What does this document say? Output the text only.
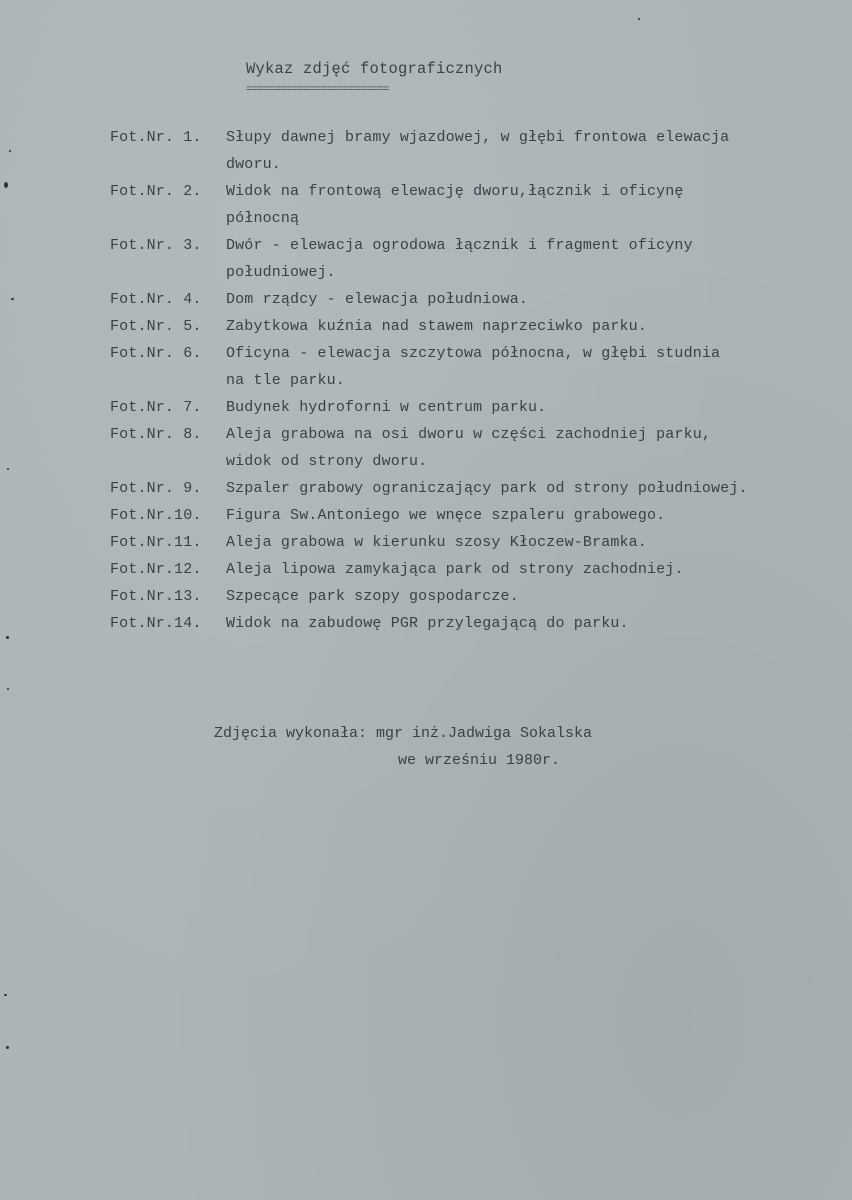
Wykaz zdjęć fotograficznych
=========================
Fot.Nr. 1.	Słupy dawnej bramy wjazdowej, w głębi frontowa elewacja
dworu.
Fot.Nr. 2.	Widok na frontową elewację dworu,łącznik i oficynę
północną
Fot.Nr. 3.	Dwór - elewacja ogrodowa łącznik i fragment oficyny
południowej.
Fot.Nr. 4.	Dom rządcy - elewacja południowa.
Fot.Nr. 5.	Zabytkowa kuźnia nad stawem naprzeciwko parku.
Fot.Nr. 6.	Oficyna - elewacja szczytowa północna, w głębi studnia
na tle parku.
Fot.Nr. 7.	Budynek hydroforni w centrum parku.
Fot.Nr. 8.	Aleja grabowa na osi dworu w części zachodniej parku,
widok od strony dworu.
Fot.Nr. 9.	Szpaler grabowy ograniczający park od strony południowej.
Fot.Nr.10.	Figura Sw.Antoniego we wnęce szpaleru grabowego.
Fot.Nr.11.	Aleja grabowa w kierunku szosy Kłoczew-Bramka.
Fot.Nr.12.	Aleja lipowa zamykająca park od strony zachodniej.
Fot.Nr.13.	Szpecące park szopy gospodarcze.
Fot.Nr.14.	Widok na zabudowę PGR przylegającą do parku.
Zdjęcia wykonała: mgr inż.Jadwiga Sokalska
we wrześniu 1980r.
